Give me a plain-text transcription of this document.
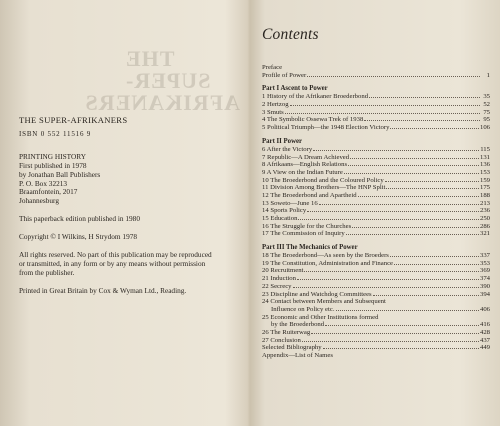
THE SUPER-AFRIKANERS
THE SUPER-AFRIKANERS
ISBN 0 552 11516 9
PRINTING HISTORY
First published in 1978
by Jonathan Ball Publishers
P. O. Box 32213
Braamfontein, 2017
Johannesburg
This paperback edition published in 1980
Copyright © I Wilkins, H Strydom 1978
All rights reserved. No part of this publication may be reproduced
or transmitted, in any form or by any means without permission
from the publisher.
Printed in Great Britain by Cox & Wyman Ltd., Reading.
Contents
Preface
Profile of Power	1
Part I Ascent to Power
1 History of the Afrikaner Broederbond	35
2 Hertzog	52
3 Smuts	75
4 The Symbolic Ossewa Trek of 1938	95
5 Political Triumph—the 1948 Election Victory	106
Part II Power
6 After the Victory	115
7 Republic—A Dream Achieved	131
8 Afrikaans—English Relations	136
9 A View on the Indian Future	153
10 The Broederbond and the Coloured Policy	159
11 Division Among Brothers—The HNP Split	175
12 The Broederbond and Apartheid	188
13 Soweto—June 16	213
14 Sports Policy	236
15 Education	250
16 The Struggle for the Churches	286
17 The Commission of Inquiry	321
Part III The Mechanics of Power
18 The Broederbond—As seen by the Broeders	337
19 The Constitution, Administration and Finance	353
20 Recruitment	369
21 Induction	374
22 Secrecy	390
23 Discipline and Watchdog Committees	394
24 Contact between Members and Subsequent
Influence on Policy etc.	406
25 Economic and Other Institutions formed
by the Broederbond	416
26 The Ruiterwag	428
27 Conclusion	437
Selected Bibliography	449
Appendix—List of Names
